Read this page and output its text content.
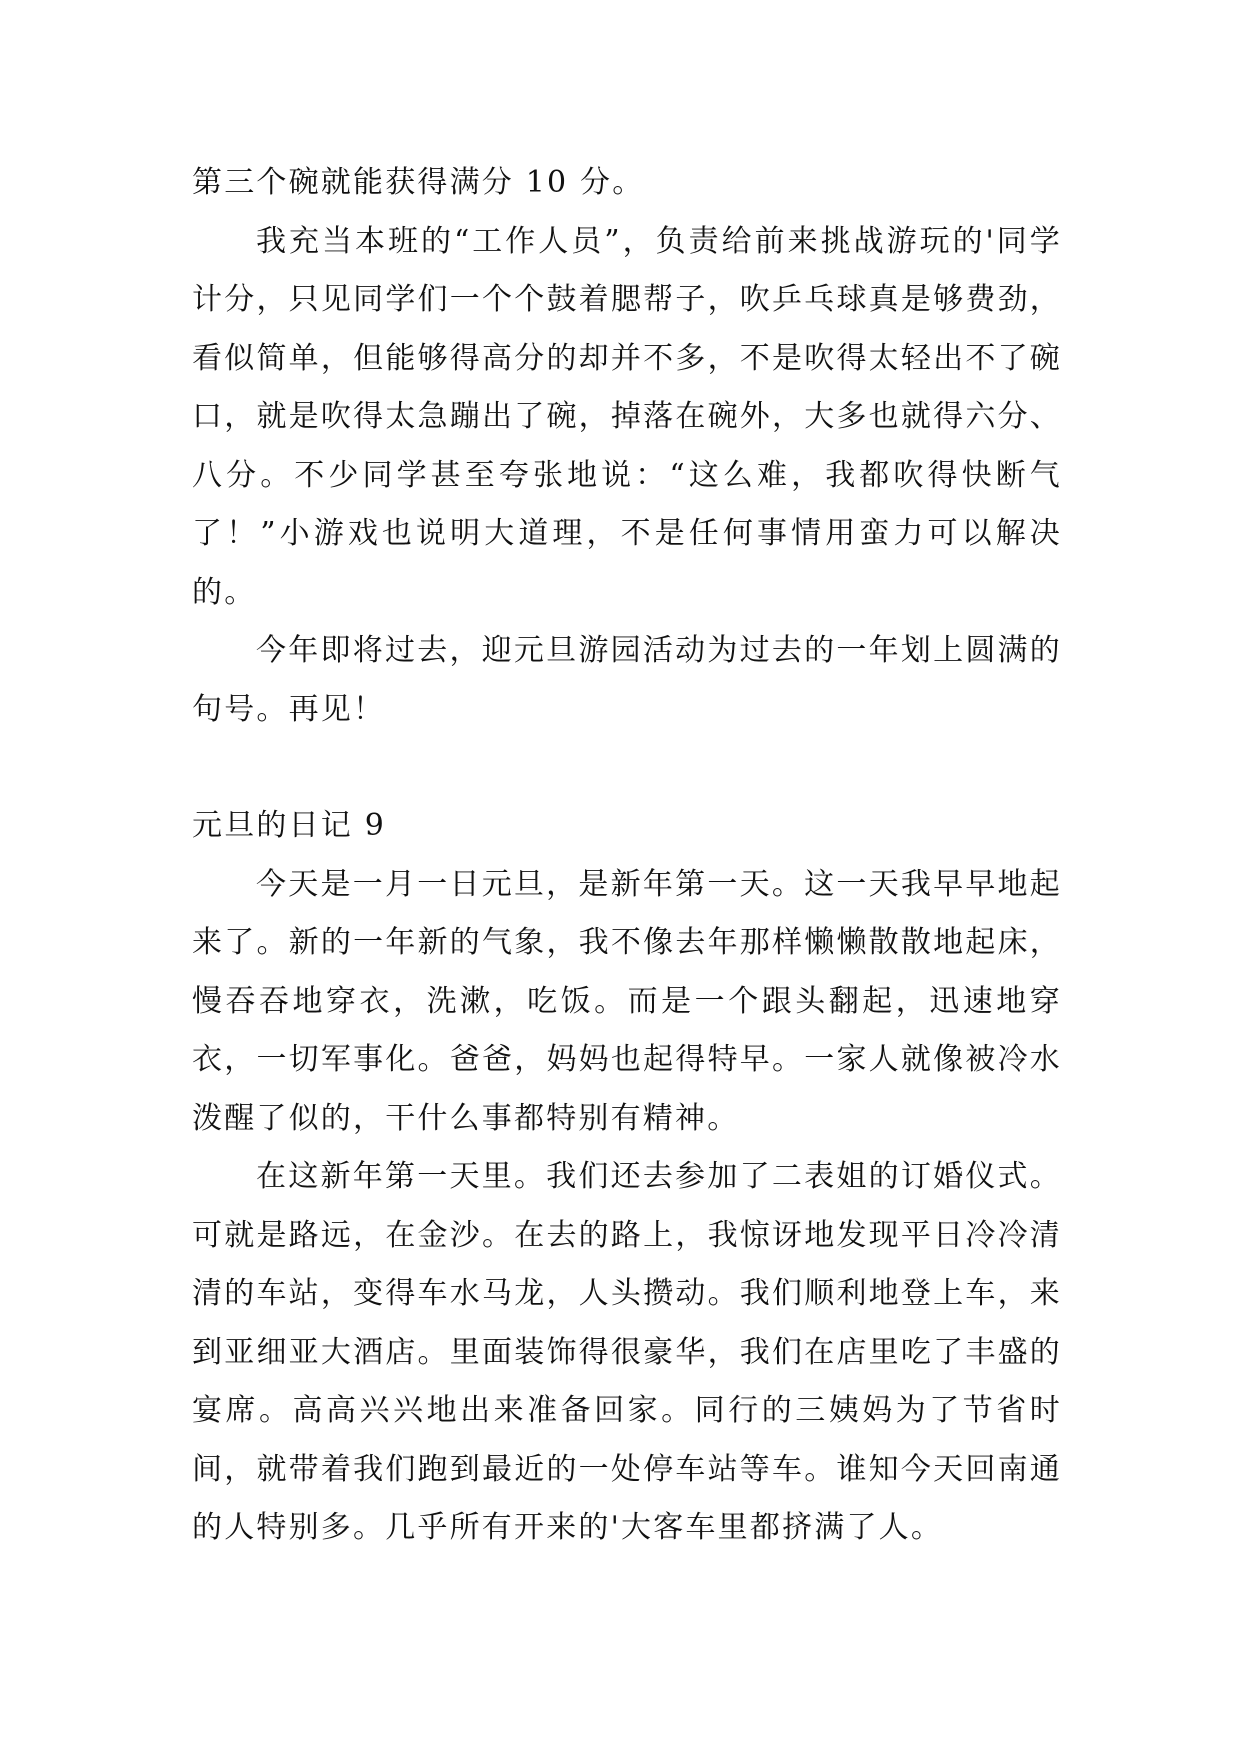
第三个碗就能获得满分 10 分。

我充当本班的“工作人员”，负责给前来挑战游玩的'同学计分，只见同学们一个个鼓着腮帮子，吹乒乓球真是够费劲，看似简单，但能够得高分的却并不多，不是吹得太轻出不了碗口，就是吹得太急蹦出了碗，掉落在碗外，大多也就得六分、八分。不少同学甚至夸张地说：“这么难，我都吹得快断气了！”小游戏也说明大道理，不是任何事情用蛮力可以解决的。

今年即将过去，迎元旦游园活动为过去的一年划上圆满的句号。再见！

元旦的日记 9

今天是一月一日元旦，是新年第一天。这一天我早早地起来了。新的一年新的气象，我不像去年那样懒懒散散地起床，慢吞吞地穿衣，洗漱，吃饭。而是一个跟头翻起，迅速地穿衣，一切军事化。爸爸，妈妈也起得特早。一家人就像被冷水泼醒了似的，干什么事都特别有精神。

在这新年第一天里。我们还去参加了二表姐的订婚仪式。可就是路远，在金沙。在去的路上，我惊讶地发现平日冷冷清清的车站，变得车水马龙，人头攒动。我们顺利地登上车，来到亚细亚大酒店。里面装饰得很豪华，我们在店里吃了丰盛的宴席。高高兴兴地出来准备回家。同行的三姨妈为了节省时间，就带着我们跑到最近的一处停车站等车。谁知今天回南通的人特别多。几乎所有开来的'大客车里都挤满了人。
